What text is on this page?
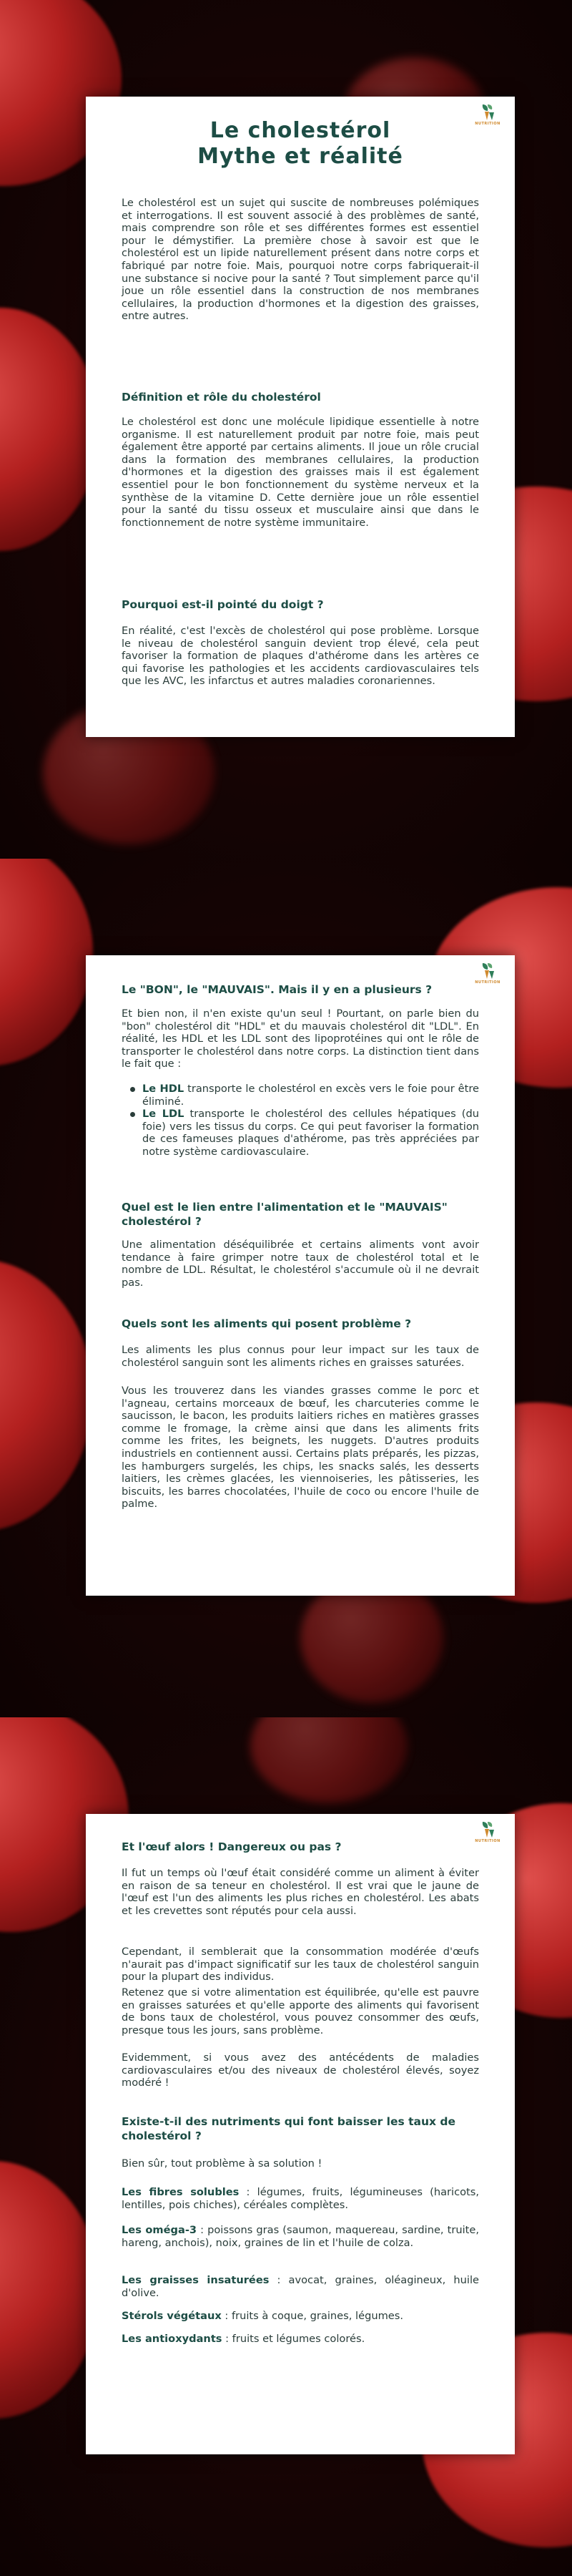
NUTRITION
Le cholestérol
Mythe et réalité

Le cholestérol est un sujet qui suscite de nombreuses polémiques et interrogations. Il est souvent associé à des problèmes de santé, mais comprendre son rôle et ses différentes formes est essentiel pour le démystifier. La première chose à savoir est que le cholestérol est un lipide naturellement présent dans notre corps et fabriqué par notre foie. Mais, pourquoi notre corps fabriquerait-il une substance si nocive pour la santé ? Tout simplement parce qu'il joue un rôle essentiel dans la construction de nos membranes cellulaires, la production d'hormones et la digestion des graisses, entre autres.

Définition et rôle du cholestérol

Le cholestérol est donc une molécule lipidique essentielle à notre organisme. Il est naturellement produit par notre foie, mais peut également être apporté par certains aliments. Il joue un rôle crucial dans la formation des membranes cellulaires, la production d'hormones et la digestion des graisses mais il est également essentiel pour le bon fonctionnement du système nerveux et la synthèse de la vitamine D. Cette dernière joue un rôle essentiel pour la santé du tissu osseux et musculaire ainsi que dans le fonctionnement de notre système immunitaire.

Pourquoi est-il pointé du doigt ?

En réalité, c'est l'excès de cholestérol qui pose problème. Lorsque le niveau de cholestérol sanguin devient trop élevé, cela peut favoriser la formation de plaques d'athérome dans les artères ce qui favorise les pathologies et les accidents cardiovasculaires tels que les AVC, les infarctus et autres maladies coronariennes.

NUTRITION
Le "BON", le "MAUVAIS". Mais il y en a plusieurs ?

Et bien non, il n'en existe qu'un seul ! Pourtant, on parle bien du "bon" cholestérol dit "HDL" et du mauvais cholestérol dit "LDL". En réalité, les HDL et les LDL sont des lipoprotéines qui ont le rôle de transporter le cholestérol dans notre corps. La distinction tient dans le fait que :

Le HDL transporte le cholestérol en excès vers le foie pour être éliminé.
Le LDL transporte le cholestérol des cellules hépatiques (du foie) vers les tissus du corps. Ce qui peut favoriser la formation de ces fameuses plaques d'athérome, pas très appréciées par notre système cardiovasculaire.
Quel est le lien entre l'alimentation et le "MAUVAIS" cholestérol ?

Une alimentation déséquilibrée et certains aliments vont avoir tendance à faire grimper notre taux de cholestérol total et le nombre de LDL. Résultat, le cholestérol s'accumule où il ne devrait pas.

Quels sont les aliments qui posent problème ?

Les aliments les plus connus pour leur impact sur les taux de cholestérol sanguin sont les aliments riches en graisses saturées.

Vous les trouverez dans les viandes grasses comme le porc et l'agneau, certains morceaux de bœuf, les charcuteries comme le saucisson, le bacon, les produits laitiers riches en matières grasses comme le fromage, la crème ainsi que dans les aliments frits comme les frites, les beignets, les nuggets. D'autres produits industriels en contiennent aussi. Certains plats préparés, les pizzas, les hamburgers surgelés, les chips, les snacks salés, les desserts laitiers, les crèmes glacées, les viennoiseries, les pâtisseries, les biscuits, les barres chocolatées, l'huile de coco ou encore l'huile de palme.

NUTRITION
Et l'œuf alors ! Dangereux ou pas ?

Il fut un temps où l'œuf était considéré comme un aliment à éviter en raison de sa teneur en cholestérol. Il est vrai que le jaune de l'œuf est l'un des aliments les plus riches en cholestérol. Les abats et les crevettes sont réputés pour cela aussi.

Cependant, il semblerait que la consommation modérée d'œufs n'aurait pas d'impact significatif sur les taux de cholestérol sanguin pour la plupart des individus.

Retenez que si votre alimentation est équilibrée, qu'elle est pauvre en graisses saturées et qu'elle apporte des aliments qui favorisent de bons taux de cholestérol, vous pouvez consommer des œufs, presque tous les jours, sans problème.

Evidemment, si vous avez des antécédents de maladies cardiovasculaires et/ou des niveaux de cholestérol élevés, soyez modéré !

Existe-t-il des nutriments qui font baisser les taux de cholestérol ?

Bien sûr, tout problème à sa solution !

Les fibres solubles : légumes, fruits, légumineuses (haricots, lentilles, pois chiches), céréales complètes.

Les oméga-3 : poissons gras (saumon, maquereau, sardine, truite, hareng, anchois), noix, graines de lin et l'huile de colza.

Les graisses insaturées : avocat, graines, oléagineux, huile d'olive.

Stérols végétaux : fruits à coque, graines, légumes.

Les antioxydants : fruits et légumes colorés.
